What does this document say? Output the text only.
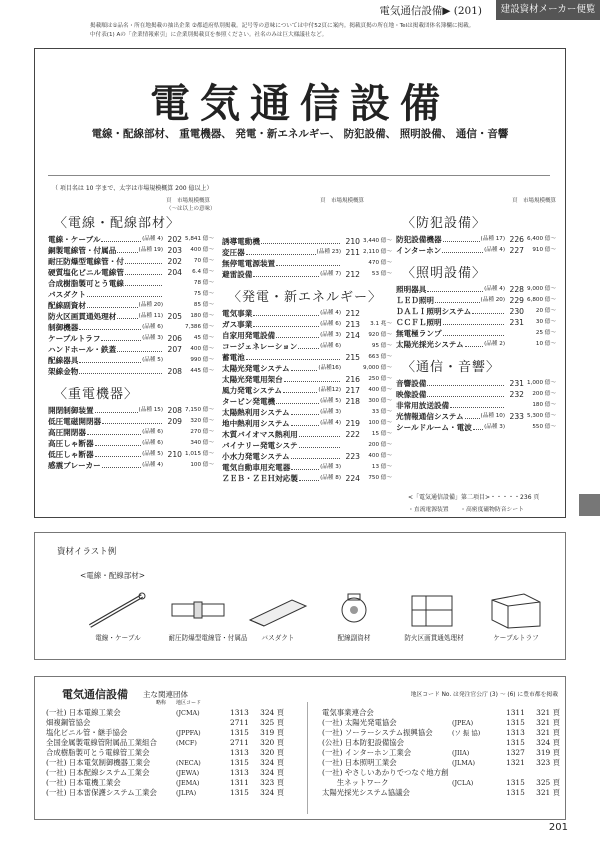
電気通信設備▶ (201)	建設資材メーカー便覧
掲載順は①品名・所在地掲載の抽出企業 ②都道府県別掲載。記号等の意味については中付52頁に案内。掲載頁掲の所在地・Telは掲載団体名簿欄に掲載。
中付表(1) Aの「企業情報索引」に企業別掲載頁を参照ください。社名のみは巨大様議社など。
電気通信設備
電線・配線部材、 重電機器、 発電・新エネルギー、 防犯設備、 照明設備、 通信・音響
（ 項目名は 10 字まで、太字は市場規模概算 200 億以上）
頁　市場規模概算
（～は以上の意味）
頁　市場規模概算	頁　市場規模概算
〈電線・配線部材〉
電線・ケーブル	(品種 4) 202 5,841 億～
銅製電線管・付属品	(品種 19) 203	400 億～
耐圧防爆型電線管・付	202	70 億～
硬質塩化ビニル電線管	204	6.4 億～
合成樹脂製可とう電線	78 億～
バスダクト	75 億～
配線副資材	(品種 20)	85 億～
防火区画貫通処理材	(品種 11) 205	180 億～
制御機器	(品種 6)	7,386 億～
ケーブルトラフ	(品種 3) 206	45 億～
ハンドホール・鉄蓋	207	400 億～
配線器具	(品種 5)	990 億～
架線金物	208	445 億～
〈重電機器〉
開閉制御装置	(品種 15) 208 7,150 億～
低圧電磁開閉器	209	320 億～
高圧開閉器	(品種 6)	270 億～
高圧しゃ断器	(品種 6)	340 億～
低圧しゃ断器	(品種 5) 210 1,015 億～
感震ブレーカー	(品種 4)	100 億～
誘導電動機	210 3,440 億～
変圧器	(品種 23) 211 2,110 億～
無停電電源装置	470 億～
避雷設備	(品種 7) 212	53 億～
〈発電・新エネルギー〉
電気事業	(品種 4) 212
ガス事業	(品種 6) 213	3.1 兆～
自家用発電設備	(品種 3) 214	920 億～
コージェネレーション	(品種 6)	95 億～
蓄電池	215	663 億～
太陽光発電システム	(品種16)	9,000 億～
太陽光発電用架台	216	250 億～
風力発電システム	(品種12) 217	400 億～
タービン発電機	(品種 5) 218	300 億～
太陽熱利用システム	(品種 3)	33 億～
地中熱利用システム	(品種 4) 219	100 億～
木質バイオマス熱利用	222	15 億～
バイナリー発電システ	200 億～
小水力発電システム	223	400 億～
電気自動車用充電器	(品種 3)	13 億～
ＺＥＢ・ＺＥＨ対応製	(品種 8) 224	750 億～
〈防犯設備〉
防犯設備機器	(品種 17) 226 6,400 億～
インターホン	(品種 4) 227	910 億～
〈照明設備〉
照明器具	(品種 4) 228 9,000 億～
ＬＥＤ照明	(品種 20) 229 6,800 億～
ＤＡＬＩ照明システム	230	20 億～
ＣＣＦＬ照明	231	30 億～
無電極ランプ	25 億～
太陽光採光システム	(品種 2)	10 億～
〈通信・音響〉
音響設備	231 1,000 億～
映像設備	232	200 億～
非常用放送設備	180 億～
光情報通信システム	(品種 10) 233 5,300 億～
シールドルーム・電波 (品種 3)	550 億～
<「電気通信設備」第二項目>・・・・・236 頁
・直流電源装置　　・高密度磁物防音シート
資材イラスト例
<電線・配線部材>
電線・ケーブル	耐圧防爆型電線管・付属品	バスダクト	配線副資材	防火区画貫通処理材	ケーブルトラフ
電気通信設備 主な関連団体
略称　　地区コード
地区コード No. は発注官公庁 (3) ～ (6) に豊市都を掲載
(一社) 日本電線工業会	(JCMA)	1313	324 頁
畑複鋼管協会	2711	325 頁
塩化ビニル管・継手協会	(JPPFA)	1315	319 頁
全国金属製電線管附属品工業組合	(MCF)	2711	320 頁
合成樹脂製可とう電線管工業会	1313	320 頁
(一社) 日本電気制御機器工業会	(NECA)	1315	324 頁
(一社) 日本配線システム工業会	(JEWA)	1313	324 頁
(一社) 日本電機工業会	(JEMA)	1311	323 頁
(一社) 日本雷保護システム工業会	(JLPA)	1315	324 頁
電気事業連合会	1311	321 頁
(一社) 太陽光発電協会	(JPEA)	1315	321 頁
(一社) ソーラーシステム振興協会	(ソ 振 協)	1313	321 頁
(公社) 日本防犯設備協会	1315	324 頁
(一社) インターホン工業会	(JIIA)	1327	319 頁
(一社) 日本照明工業会	(JLMA)	1321	323 頁
(一社) やさしいあかりでつなぐ地方創
　　生ネットワーク	(JCLA)	1315	325 頁
太陽光採光システム協議会	1315	321 頁
201
